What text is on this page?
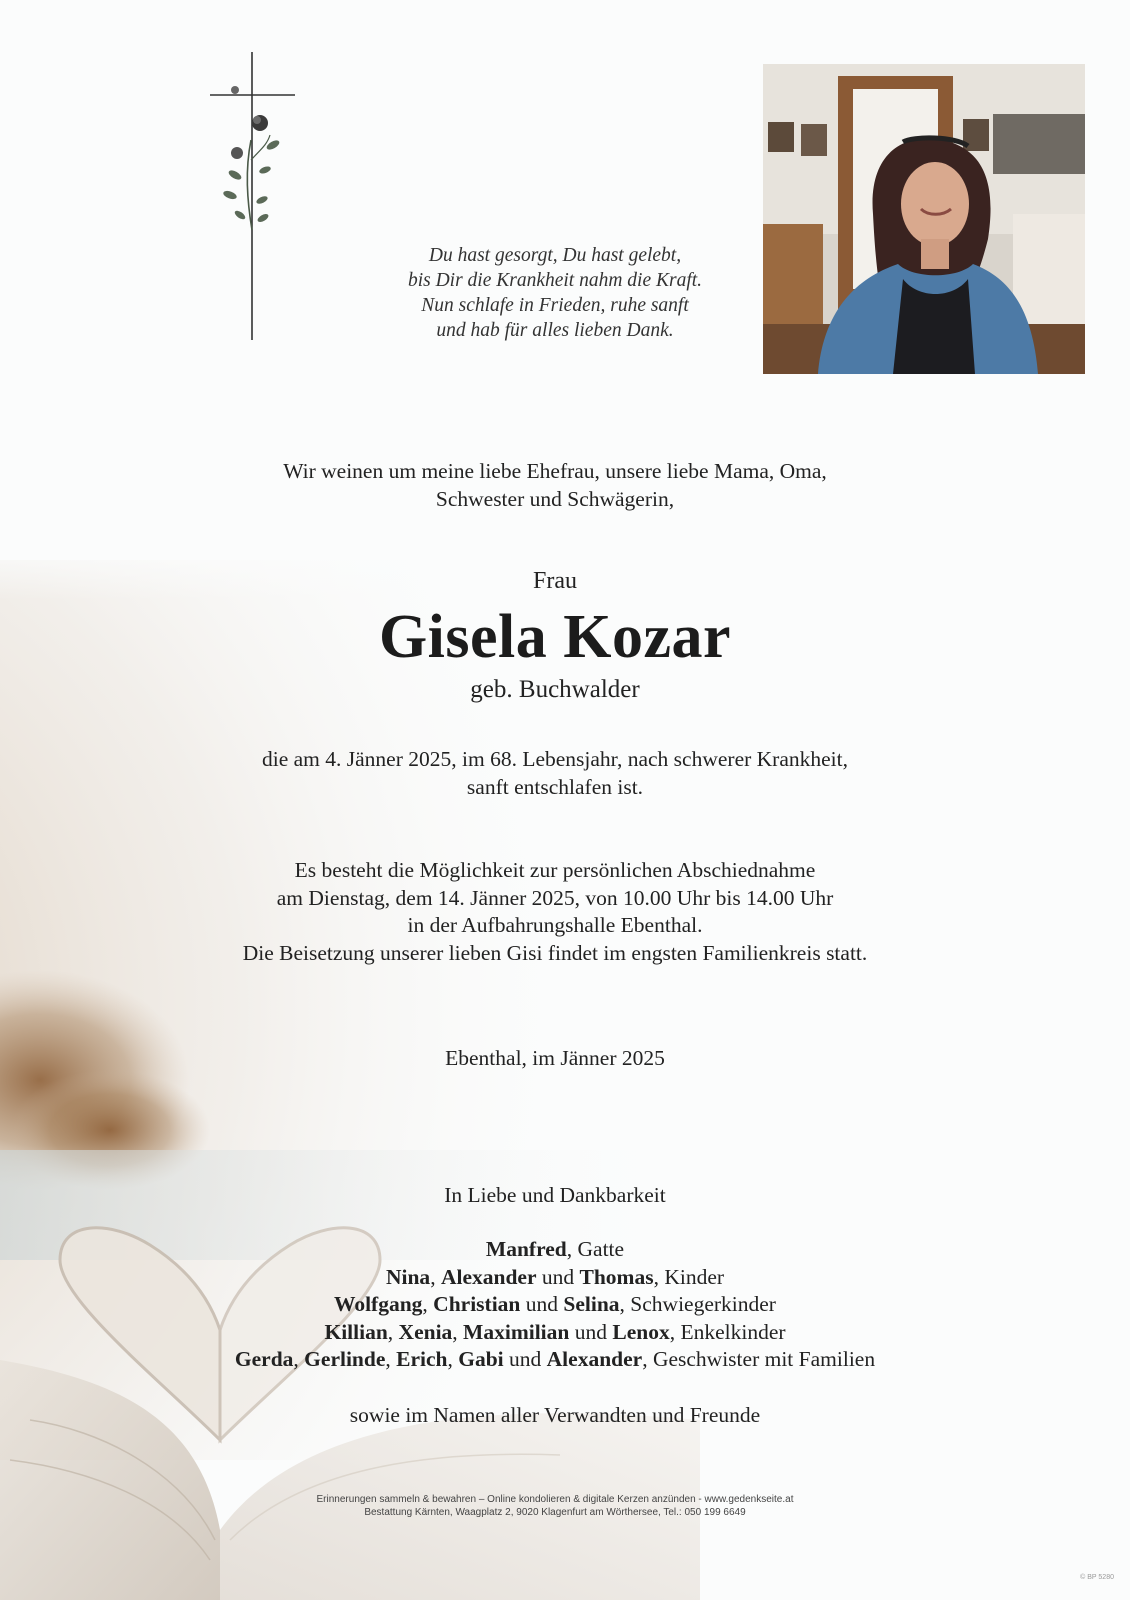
Du hast gesorgt, Du hast gelebt,
bis Dir die Krankheit nahm die Kraft.
Nun schlafe in Frieden, ruhe sanft
und hab für alles lieben Dank.
Wir weinen um meine liebe Ehefrau, unsere liebe Mama, Oma,
Schwester und Schwägerin,
Frau
Gisela Kozar
geb. Buchwalder
die am 4. Jänner 2025, im 68. Lebensjahr, nach schwerer Krankheit,
sanft entschlafen ist.
Es besteht die Möglichkeit zur persönlichen Abschiednahme
am Dienstag, dem 14. Jänner 2025, von 10.00 Uhr bis 14.00 Uhr
in der Aufbahrungshalle Ebenthal.
Die Beisetzung unserer lieben Gisi findet im engsten Familienkreis statt.
Ebenthal, im Jänner 2025
In Liebe und Dankbarkeit
Manfred, Gatte
Nina, Alexander und Thomas, Kinder
Wolfgang, Christian und Selina, Schwiegerkinder
Killian, Xenia, Maximilian und Lenox, Enkelkinder
Gerda, Gerlinde, Erich, Gabi und Alexander, Geschwister mit Familien
sowie im Namen aller Verwandten und Freunde
Erinnerungen sammeln & bewahren – Online kondolieren & digitale Kerzen anzünden - www.gedenkseite.at
Bestattung Kärnten, Waagplatz 2, 9020 Klagenfurt am Wörthersee, Tel.: 050 199 6649
© BP 5280
